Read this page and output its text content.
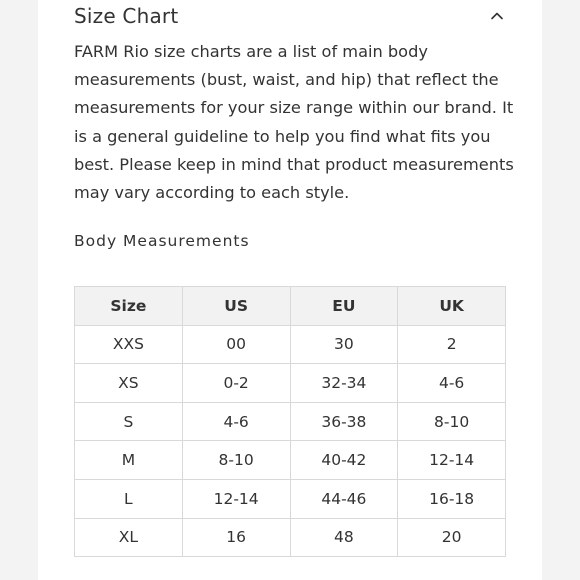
Size Chart

FARM Rio size charts are a list of main body measurements (bust, waist, and hip) that reflect the measurements for your size range within our brand. It is a general guideline to help you find what fits you best. Please keep in mind that product measurements may vary according to each style.

Body Measurements
Size	US	EU	UK
XXS	00	30	2
XS	0-2	32-34	4-6
S	4-6	36-38	8-10
M	8-10	40-42	12-14
L	12-14	44-46	16-18
XL	16	48	20
